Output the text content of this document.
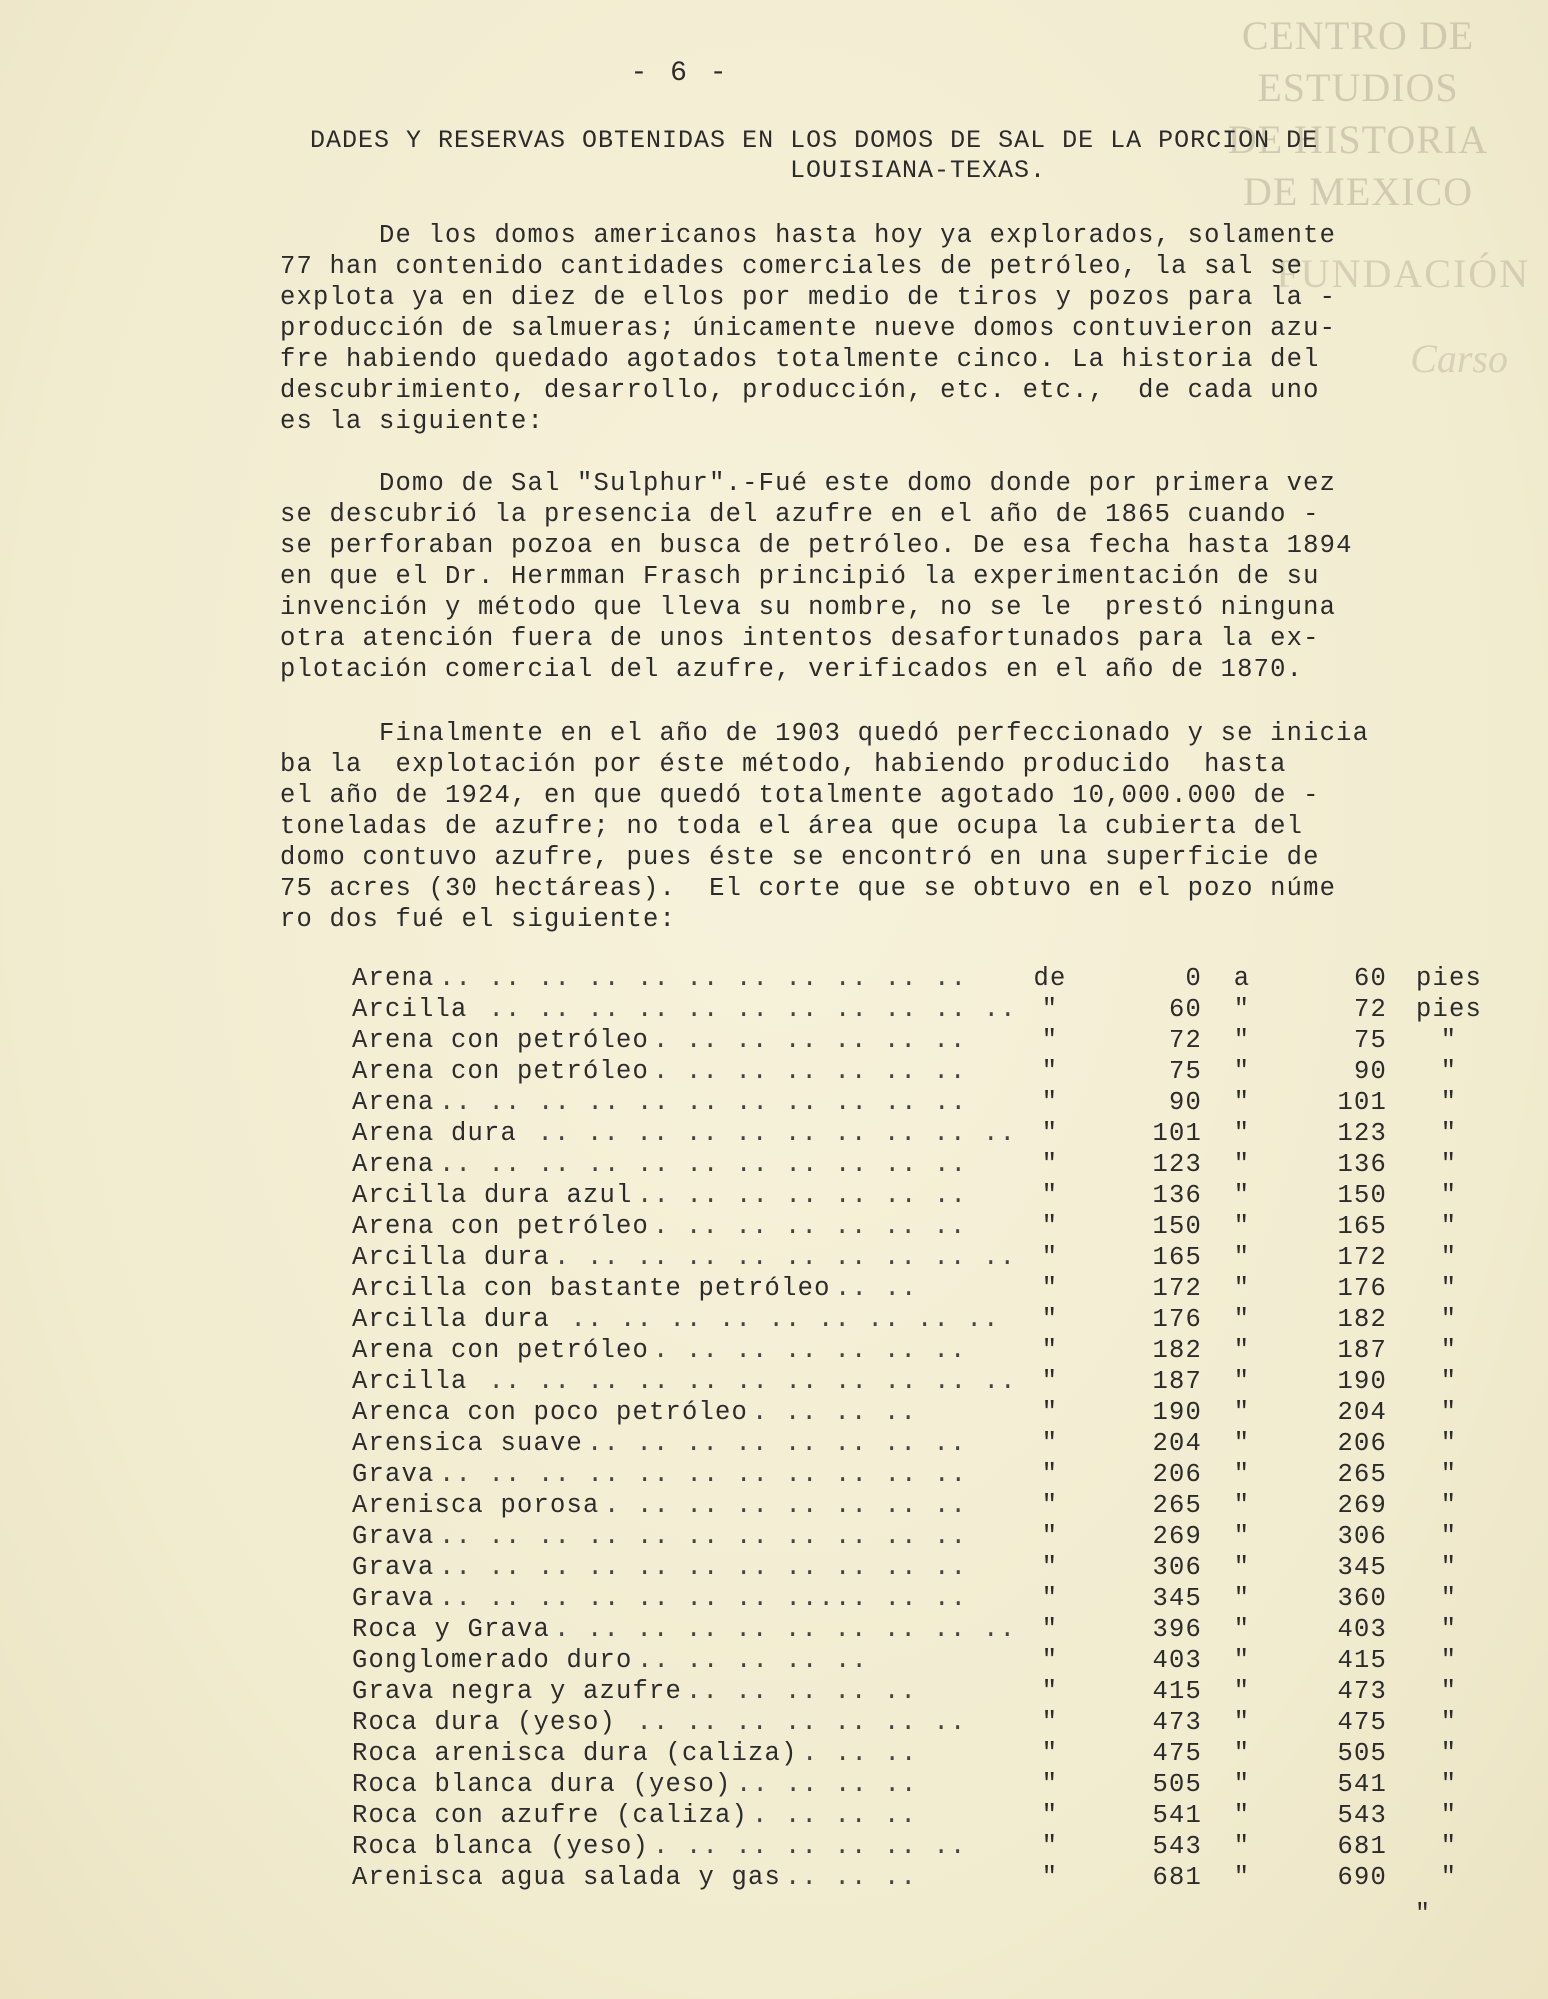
CENTRO DE
ESTUDIOS
DE HISTORIA
DE MEXICO
FUNDACIÓN
Carso
- 6 -
DADES Y RESERVAS OBTENIDAS EN LOS DOMOS DE SAL DE LA PORCION DE
LOUISIANA-TEXAS.
De los domos americanos hasta hoy ya explorados, solamente
77 han contenido cantidades comerciales de petróleo, la sal se
explota ya en diez de ellos por medio de tiros y pozos para la -
producción de salmueras; únicamente nueve domos contuvieron azu-
fre habiendo quedado agotados totalmente cinco. La historia del
descubrimiento, desarrollo, producción, etc. etc.,  de cada uno
es la siguiente:
Domo de Sal "Sulphur".-Fué este domo donde por primera vez
se descubrió la presencia del azufre en el año de 1865 cuando -
se perforaban pozoa en busca de petróleo. De esa fecha hasta 1894
en que el Dr. Hermman Frasch principió la experimentación de su
invención y método que lleva su nombre, no se le  prestó ninguna
otra atención fuera de unos intentos desafortunados para la ex-
plotación comercial del azufre, verificados en el año de 1870.
Finalmente en el año de 1903 quedó perfeccionado y se inicia
ba la  explotación por éste método, habiendo producido  hasta
el año de 1924, en que quedó totalmente agotado 10,000.000 de -
toneladas de azufre; no toda el área que ocupa la cubierta del
domo contuvo azufre, pues éste se encontró en una superficie de
75 acres (30 hectáreas).  El corte que se obtuvo en el pozo núme
ro dos fué el siguiente:
Arena	de	0	a	60	pies
.. .. .. .. .. .. .. .. .. .. ..
Arcilla	"	60	"	72	pies
.. .. .. .. .. .. .. .. .. .. ..
Arena con petróleo	"	72	"	75	"
. .. .. .. .. .. ..
Arena con petróleo	"	75	"	90	"
. .. .. .. .. .. ..
Arena	"	90	"	101	"
.. .. .. .. .. .. .. .. .. .. ..
Arena dura	"	101	"	123	"
.. .. .. .. .. .. .. .. .. ..
Arena	"	123	"	136	"
.. .. .. .. .. .. .. .. .. .. ..
Arcilla dura azul	"	136	"	150	"
.. .. .. .. .. .. ..
Arena con petróleo	"	150	"	165	"
. .. .. .. .. .. ..
Arcilla dura	"	165	"	172	"
. .. .. .. .. .. .. .. .. ..
Arcilla con bastante petróleo	"	172	"	176	"
.. ..
Arcilla dura	"	176	"	182	"
.. .. .. .. .. .. .. .. ..
Arena con petróleo	"	182	"	187	"
. .. .. .. .. .. ..
Arcilla	"	187	"	190	"
.. .. .. .. .. .. .. .. .. .. ..
Arenca con poco petróleo	"	190	"	204	"
. .. .. ..
Arensica suave	"	204	"	206	"
.. .. .. .. .. .. .. ..
Grava	"	206	"	265	"
.. .. .. .. .. .. .. .. .. .. ..
Arenisca porosa	"	265	"	269	"
. .. .. .. .. .. .. ..
Grava	"	269	"	306	"
.. .. .. .. .. .. .. .. .. .. ..
Grava	"	306	"	345	"
.. .. .. .. .. .. .. .. .. .. ..
Grava	"	345	"	360	"
.. .. .. .. .. .. .. ..... .. ..
Roca y Grava	"	396	"	403	"
. .. .. .. .. .. .. .. .. ..
Gonglomerado duro	"	403	"	415	"
.. .. .. .. ..
Grava negra y azufre	"	415	"	473	"
.. .. .. .. ..
Roca dura (yeso)	"	473	"	475	"
.. .. .. .. .. .. ..
Roca arenisca dura (caliza)	"	475	"	505	"
. .. ..
Roca blanca dura (yeso)	"	505	"	541	"
.. .. .. ..
Roca con azufre (caliza)	"	541	"	543	"
. .. .. ..
Roca blanca (yeso)	"	543	"	681	"
. .. .. .. .. .. ..
Arenisca agua salada y gas	"	681	"	690	"
.. .. ..
"
